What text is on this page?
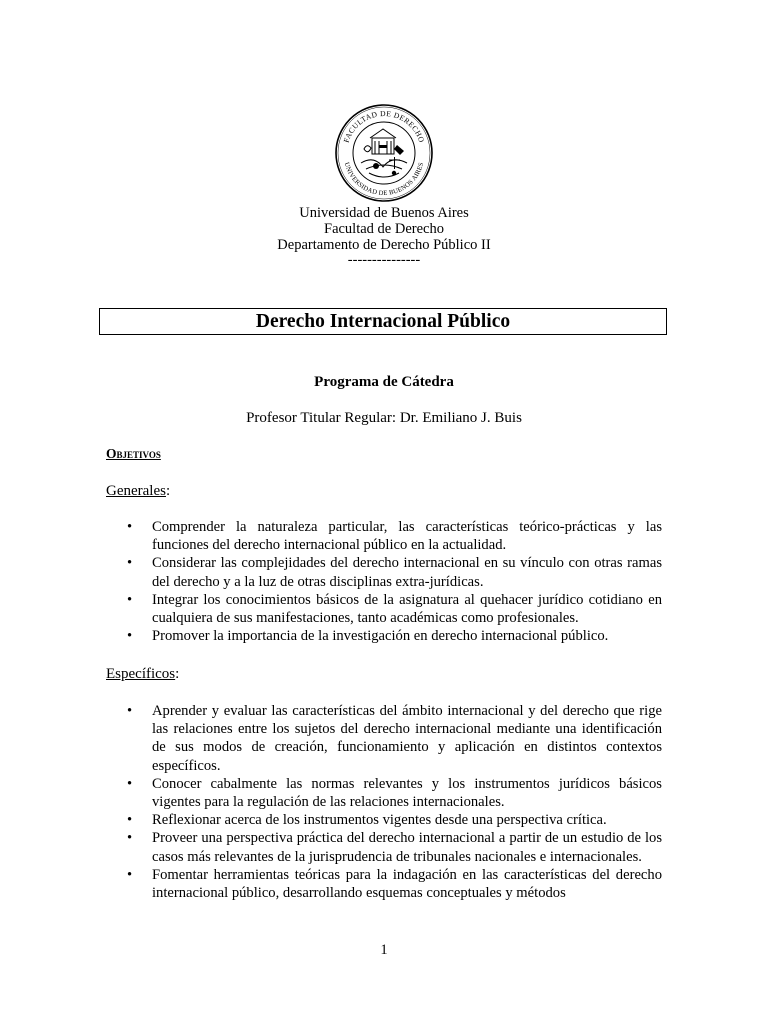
FACULTAD DE DERECHO
UNIVERSIDAD DE BUENOS AIRES
Universidad de Buenos Aires
Facultad de Derecho
Departamento de Derecho Público II
---------------
Derecho Internacional Público
Programa de Cátedra
Profesor Titular Regular: Dr. Emiliano J. Buis
Objetivos
Generales:
• Comprender la naturaleza particular, las características teórico-prácticas y las funciones del derecho internacional público en la actualidad.
• Considerar las complejidades del derecho internacional en su vínculo con otras ramas del derecho y a la luz de otras disciplinas extra-jurídicas.
• Integrar los conocimientos básicos de la asignatura al quehacer jurídico cotidiano en cualquiera de sus manifestaciones, tanto académicas como profesionales.
• Promover la importancia de la investigación en derecho internacional público.
Específicos:
• Aprender y evaluar las características del ámbito internacional y del derecho que rige las relaciones entre los sujetos del derecho internacional mediante una identificación de sus modos de creación, funcionamiento y aplicación en distintos contextos específicos.
• Conocer cabalmente las normas relevantes y los instrumentos jurídicos básicos vigentes para la regulación de las relaciones internacionales.
• Reflexionar acerca de los instrumentos vigentes desde una perspectiva crítica.
• Proveer una perspectiva práctica del derecho internacional a partir de un estudio de los casos más relevantes de la jurisprudencia de tribunales nacionales e internacionales.
• Fomentar herramientas teóricas para la indagación en las características del derecho internacional público, desarrollando esquemas conceptuales y métodos
1
